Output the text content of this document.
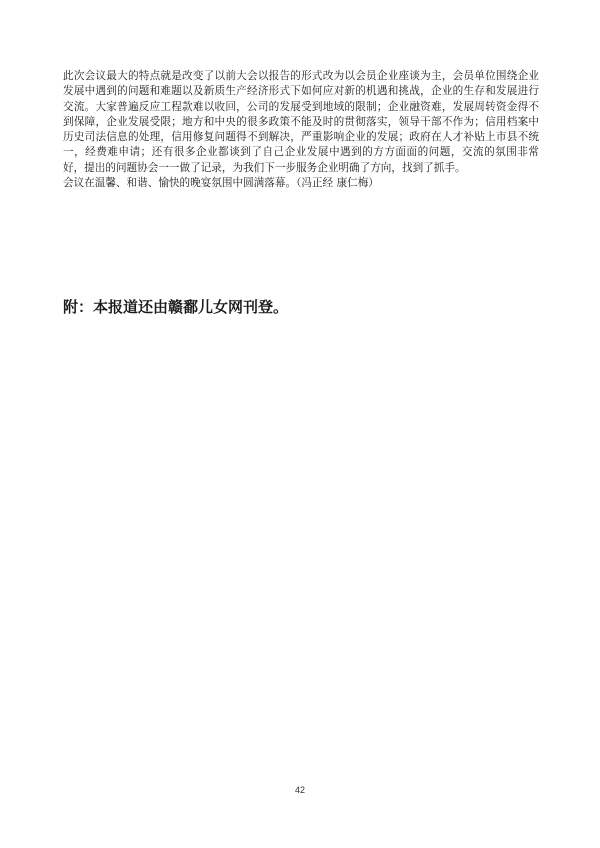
此次会议最大的特点就是改变了以前大会以报告的形式改为以会员企业座谈为主，会员单位围绕企业发展中遇到的问题和难题以及新质生产经济形式下如何应对新的机遇和挑战，企业的生存和发展进行交流。大家普遍反应工程款难以收回，公司的发展受到地域的限制；企业融资难，发展周转资金得不到保障，企业发展受限；地方和中央的很多政策不能及时的贯彻落实，领导干部不作为；信用档案中历史司法信息的处理，信用修复问题得不到解决，严重影响企业的发展；政府在人才补贴上市县不统一，经费难申请；还有很多企业都谈到了自己企业发展中遇到的方方面面的问题，交流的氛围非常好，提出的问题协会一一做了记录，为我们下一步服务企业明确了方向，找到了抓手。

会议在温馨、和谐、愉快的晚宴氛围中圆满落幕。（冯正经 康仁梅）

附：本报道还由赣鄱儿女网刊登。

42
